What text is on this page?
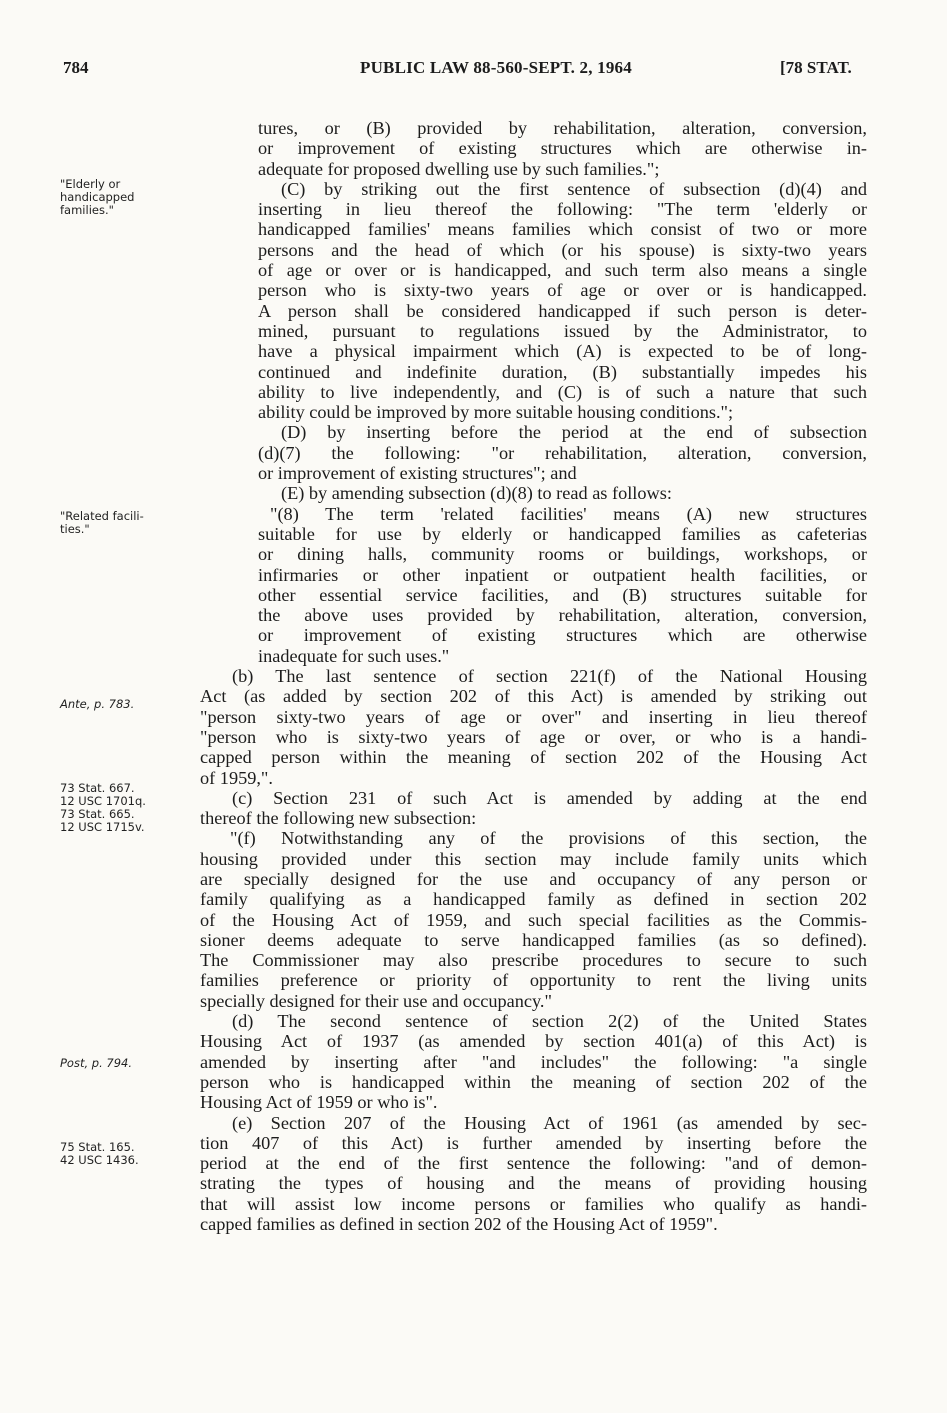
784	PUBLIC LAW 88-560-SEPT. 2, 1964	[78 STAT.
"Elderly or
handicapped
families."
"Related facili-
ties."
Ante, p. 783.
73 Stat. 667.
12 USC 1701q.
73 Stat. 665.
12 USC 1715v.
Post, p. 794.
75 Stat. 165.
42 USC 1436.
tures, or (B) provided by rehabilitation, alteration, conversion,
or improvement of existing structures which are otherwise in-
adequate for proposed dwelling use by such families.";
(C) by striking out the first sentence of subsection (d)(4) and
inserting in lieu thereof the following: "The term 'elderly or
handicapped families' means families which consist of two or more
persons and the head of which (or his spouse) is sixty-two years
of age or over or is handicapped, and such term also means a single
person who is sixty-two years of age or over or is handicapped.
A person shall be considered handicapped if such person is deter-
mined, pursuant to regulations issued by the Administrator, to
have a physical impairment which (A) is expected to be of long-
continued and indefinite duration, (B) substantially impedes his
ability to live independently, and (C) is of such a nature that such
ability could be improved by more suitable housing conditions.";
(D) by inserting before the period at the end of subsection
(d)(7) the following: "or rehabilitation, alteration, conversion,
or improvement of existing structures"; and
(E) by amending subsection (d)(8) to read as follows:
"(8) The term 'related facilities' means (A) new structures
suitable for use by elderly or handicapped families as cafeterias
or dining halls, community rooms or buildings, workshops, or
infirmaries or other inpatient or outpatient health facilities, or
other essential service facilities, and (B) structures suitable for
the above uses provided by rehabilitation, alteration, conversion,
or improvement of existing structures which are otherwise
inadequate for such uses."
(b) The last sentence of section 221(f) of the National Housing
Act (as added by section 202 of this Act) is amended by striking out
"person sixty-two years of age or over" and inserting in lieu thereof
"person who is sixty-two years of age or over, or who is a handi-
capped person within the meaning of section 202 of the Housing Act
of 1959,".
(c) Section 231 of such Act is amended by adding at the end
thereof the following new subsection:
"(f) Notwithstanding any of the provisions of this section, the
housing provided under this section may include family units which
are specially designed for the use and occupancy of any person or
family qualifying as a handicapped family as defined in section 202
of the Housing Act of 1959, and such special facilities as the Commis-
sioner deems adequate to serve handicapped families (as so defined).
The Commissioner may also prescribe procedures to secure to such
families preference or priority of opportunity to rent the living units
specially designed for their use and occupancy."
(d) The second sentence of section 2(2) of the United States
Housing Act of 1937 (as amended by section 401(a) of this Act) is
amended by inserting after "and includes" the following: "a single
person who is handicapped within the meaning of section 202 of the
Housing Act of 1959 or who is".
(e) Section 207 of the Housing Act of 1961 (as amended by sec-
tion 407 of this Act) is further amended by inserting before the
period at the end of the first sentence the following: "and of demon-
strating the types of housing and the means of providing housing
that will assist low income persons or families who qualify as handi-
capped families as defined in section 202 of the Housing Act of 1959".
